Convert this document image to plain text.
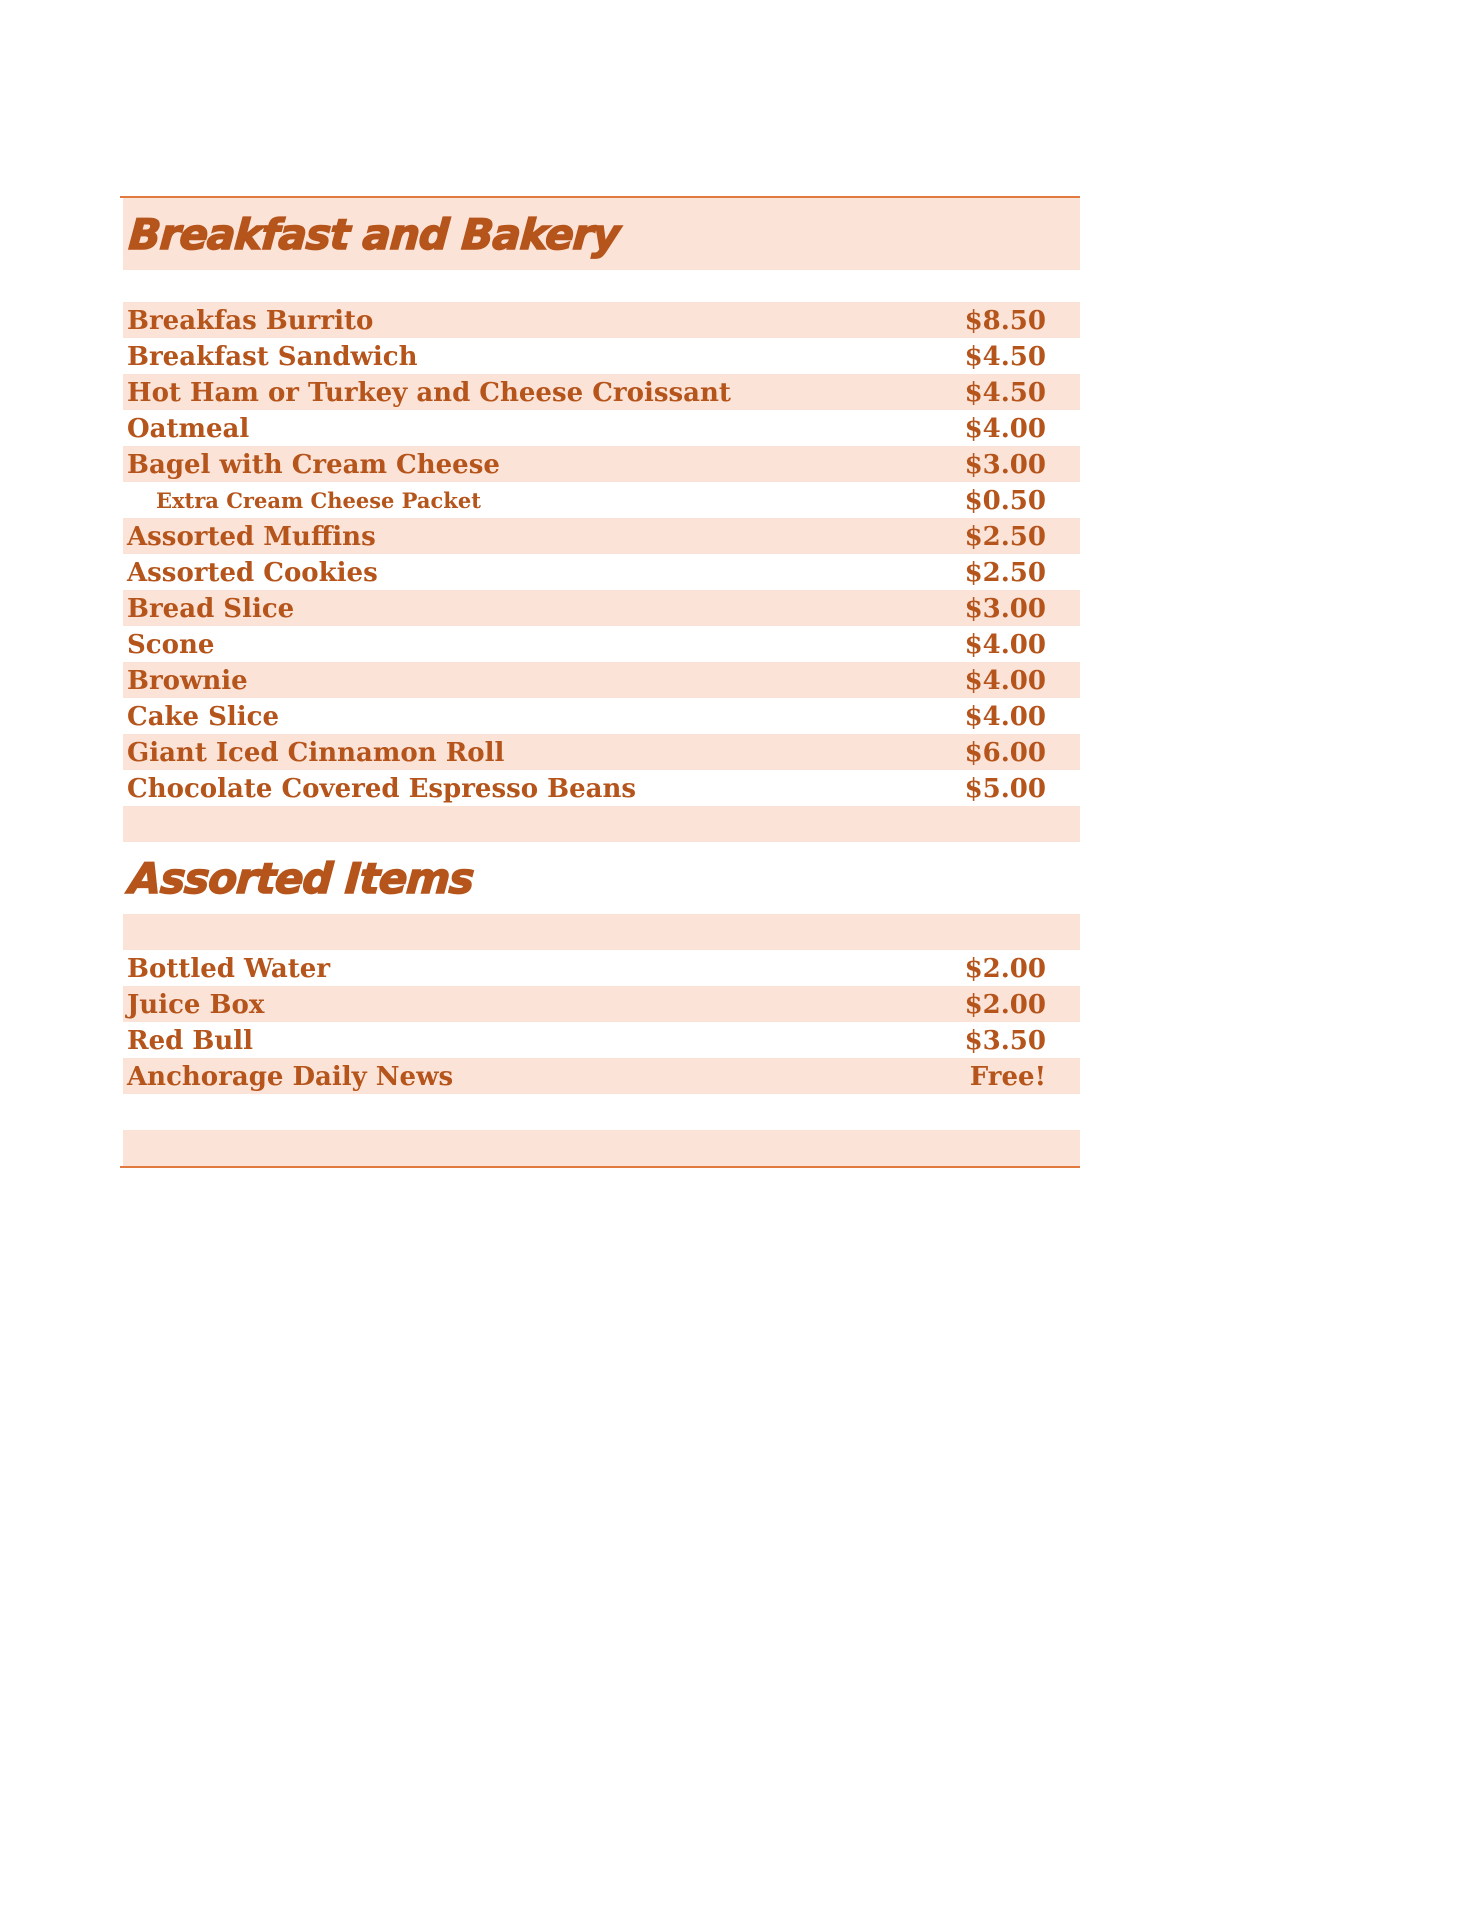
Breakfast and Bakery
Breakfas Burrito	$8.50
Breakfast Sandwich	$4.50
Hot Ham or Turkey and Cheese Croissant	$4.50
Oatmeal	$4.00
Bagel with Cream Cheese	$3.00
Extra Cream Cheese Packet	$0.50
Assorted Muffins	$2.50
Assorted Cookies	$2.50
Bread Slice	$3.00
Scone	$4.00
Brownie	$4.00
Cake Slice	$4.00
Giant Iced Cinnamon Roll	$6.00
Chocolate Covered Espresso Beans	$5.00
Assorted Items
Bottled Water	$2.00
Juice Box	$2.00
Red Bull	$3.50
Anchorage Daily News	Free!
